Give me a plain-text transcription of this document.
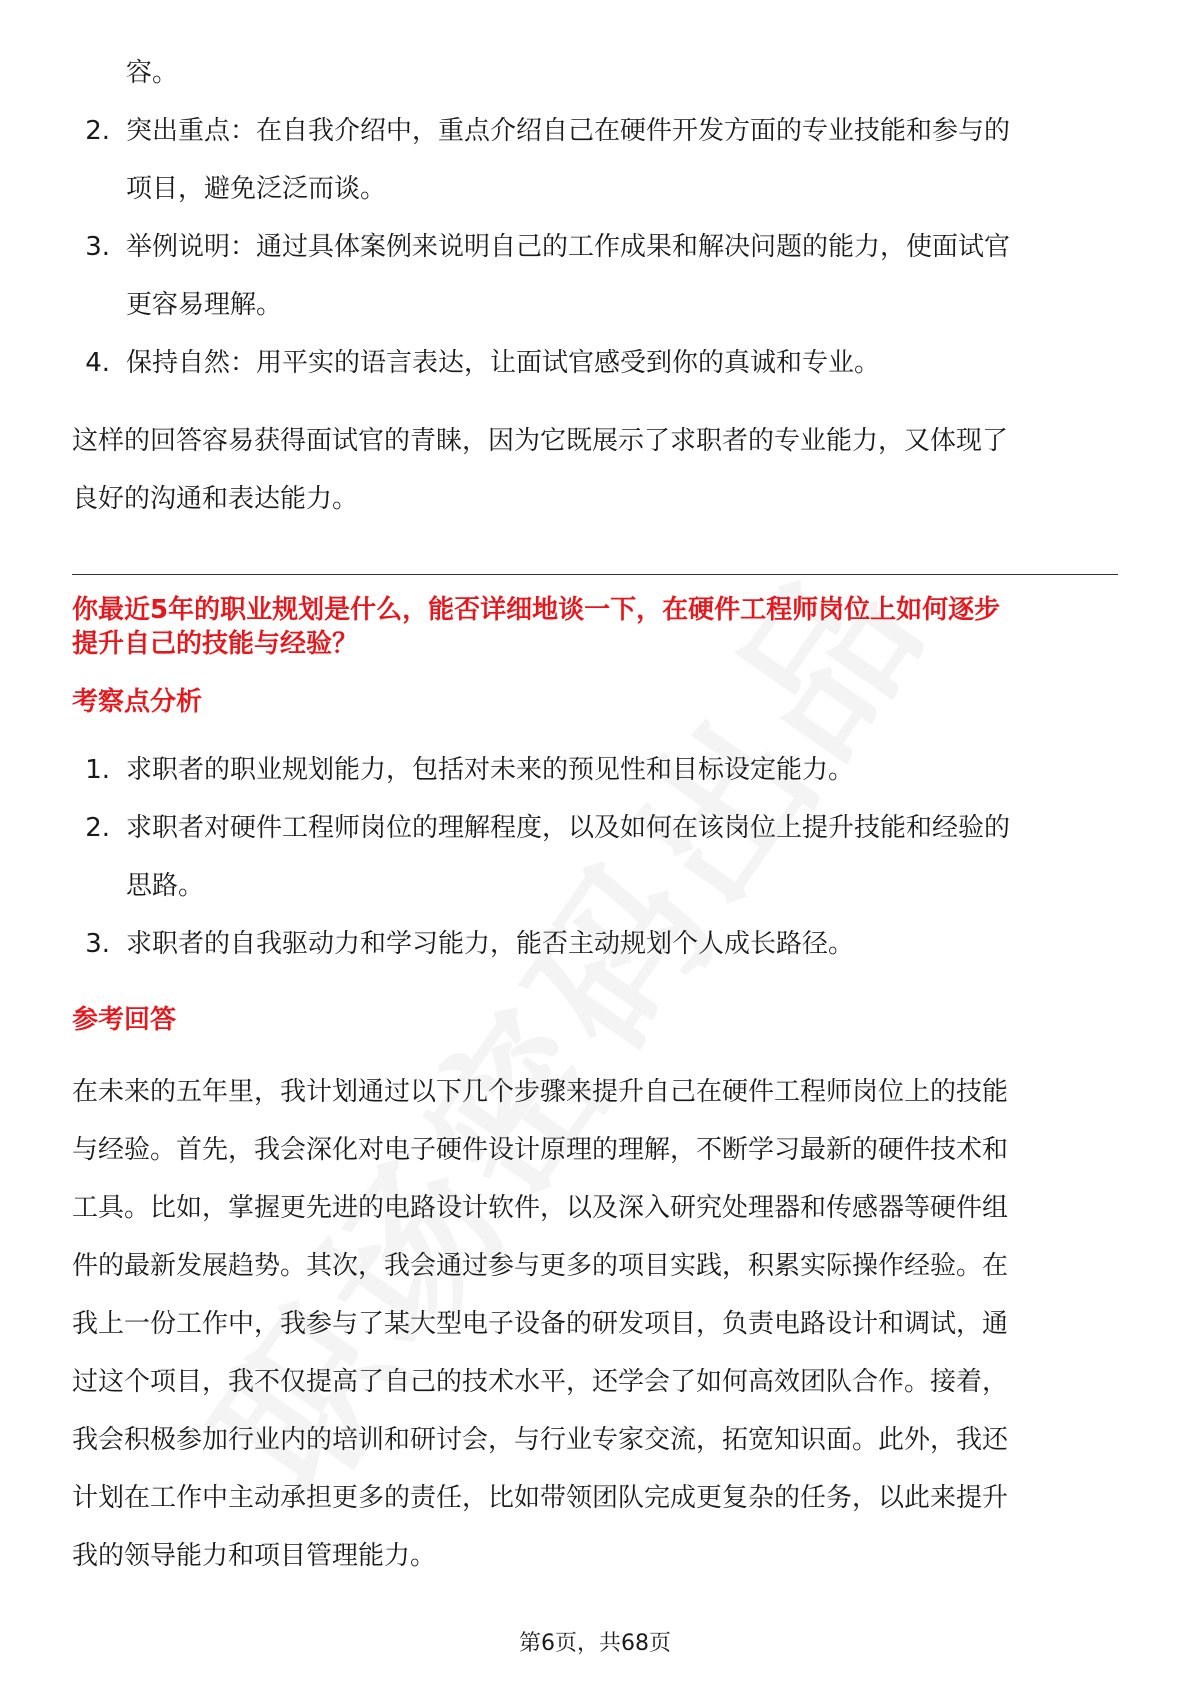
容。
2. 突出重点：在自我介绍中，重点介绍自己在硬件开发方面的专业技能和参与的
项目，避免泛泛而谈。
3. 举例说明：通过具体案例来说明自己的工作成果和解决问题的能力，使面试官
更容易理解。
4. 保持自然：用平实的语言表达，让面试官感受到你的真诚和专业。

这样的回答容易获得面试官的青睐，因为它既展示了求职者的专业能力，又体现了

良好的沟通和表达能力。

你最近5年的职业规划是什么，能否详细地谈一下，在硬件工程师岗位上如何逐步

提升自己的技能与经验？

考察点分析

1. 求职者的职业规划能力，包括对未来的预见性和目标设定能力。
2. 求职者对硬件工程师岗位的理解程度，以及如何在该岗位上提升技能和经验的
思路。
3. 求职者的自我驱动力和学习能力，能否主动规划个人成长路径。

参考回答

在未来的五年里，我计划通过以下几个步骤来提升自己在硬件工程师岗位上的技能

与经验。首先，我会深化对电子硬件设计原理的理解，不断学习最新的硬件技术和

工具。比如，掌握更先进的电路设计软件，以及深入研究处理器和传感器等硬件组

件的最新发展趋势。其次，我会通过参与更多的项目实践，积累实际操作经验。在

我上一份工作中，我参与了某大型电子设备的研发项目，负责电路设计和调试，通

过这个项目，我不仅提高了自己的技术水平，还学会了如何高效团队合作。接着，

我会积极参加行业内的培训和研讨会，与行业专家交流，拓宽知识面。此外，我还

计划在工作中主动承担更多的责任，比如带领团队完成更复杂的任务，以此来提升

我的领导能力和项目管理能力。

第6页，共68页
